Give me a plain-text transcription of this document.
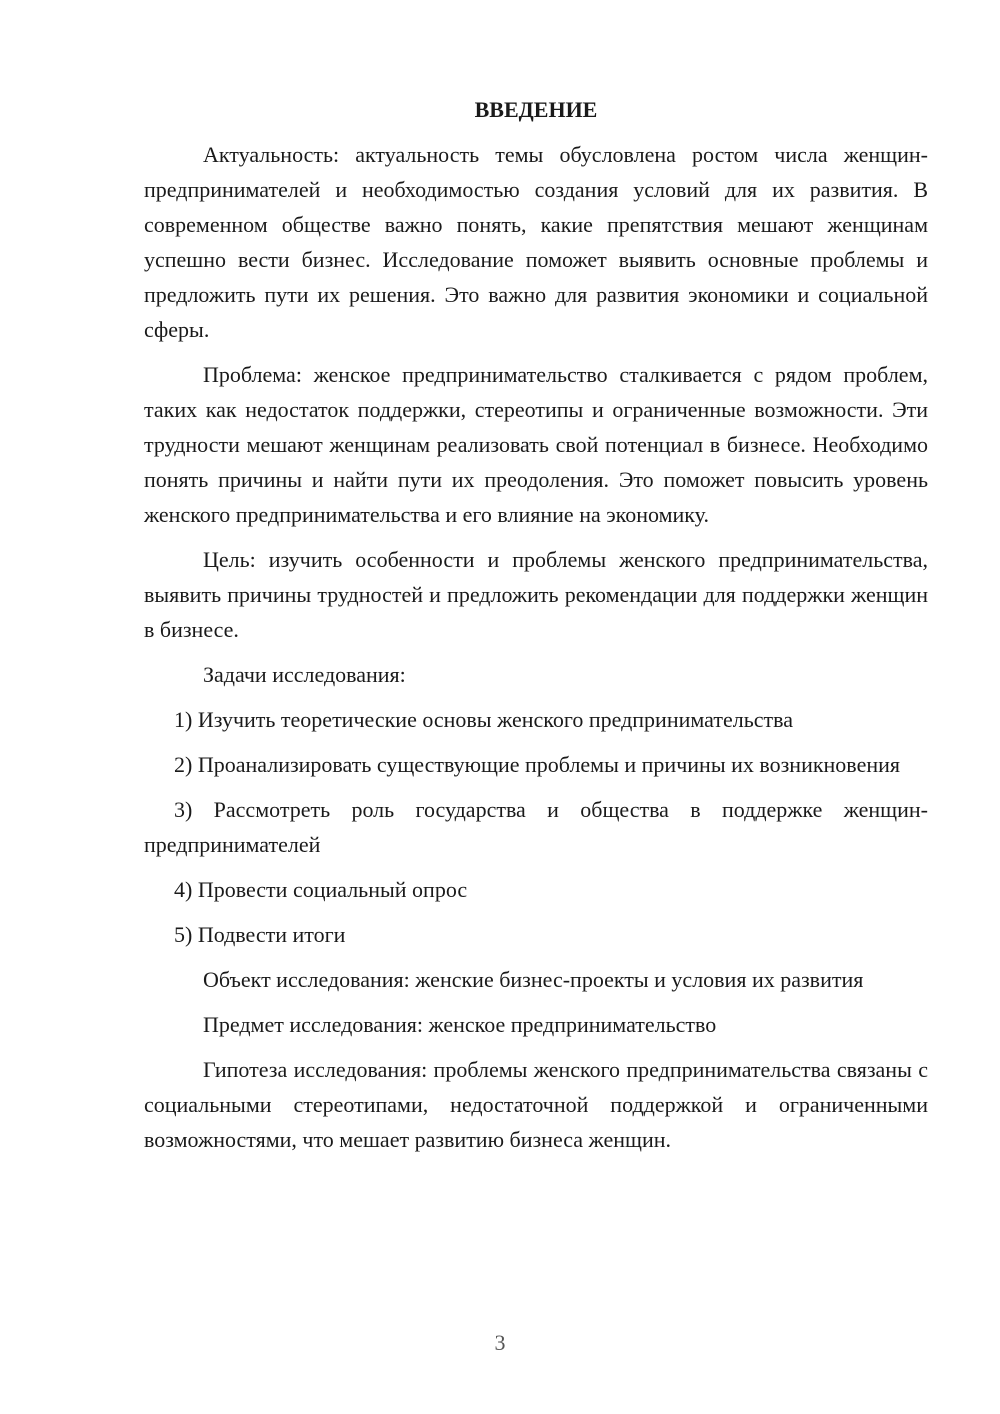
ВВЕДЕНИЕ

Актуальность: актуальность темы обусловлена ростом числа женщин-предпринимателей и необходимостью создания условий для их развития. В современном обществе важно понять, какие препятствия мешают женщинам успешно вести бизнес. Исследование поможет выявить основные проблемы и предложить пути их решения. Это важно для развития экономики и социальной сферы.

Проблема: женское предпринимательство сталкивается с рядом проблем, таких как недостаток поддержки, стереотипы и ограниченные возможности. Эти трудности мешают женщинам реализовать свой потенциал в бизнесе. Необходимо понять причины и найти пути их преодоления. Это поможет повысить уровень женского предпринимательства и его влияние на экономику.

Цель: изучить особенности и проблемы женского предпринимательства, выявить причины трудностей и предложить рекомендации для поддержки женщин в бизнесе.

Задачи исследования:

1) Изучить теоретические основы женского предпринимательства

2) Проанализировать существующие проблемы и причины их возникновения

3) Рассмотреть роль государства и общества в поддержке женщин-предпринимателей

4) Провести социальный опрос

5) Подвести итоги

Объект исследования: женские бизнес-проекты и условия их развития

Предмет исследования: женское предпринимательство

Гипотеза исследования: проблемы женского предпринимательства связаны с социальными стереотипами, недостаточной поддержкой и ограниченными возможностями, что мешает развитию бизнеса женщин.

3
